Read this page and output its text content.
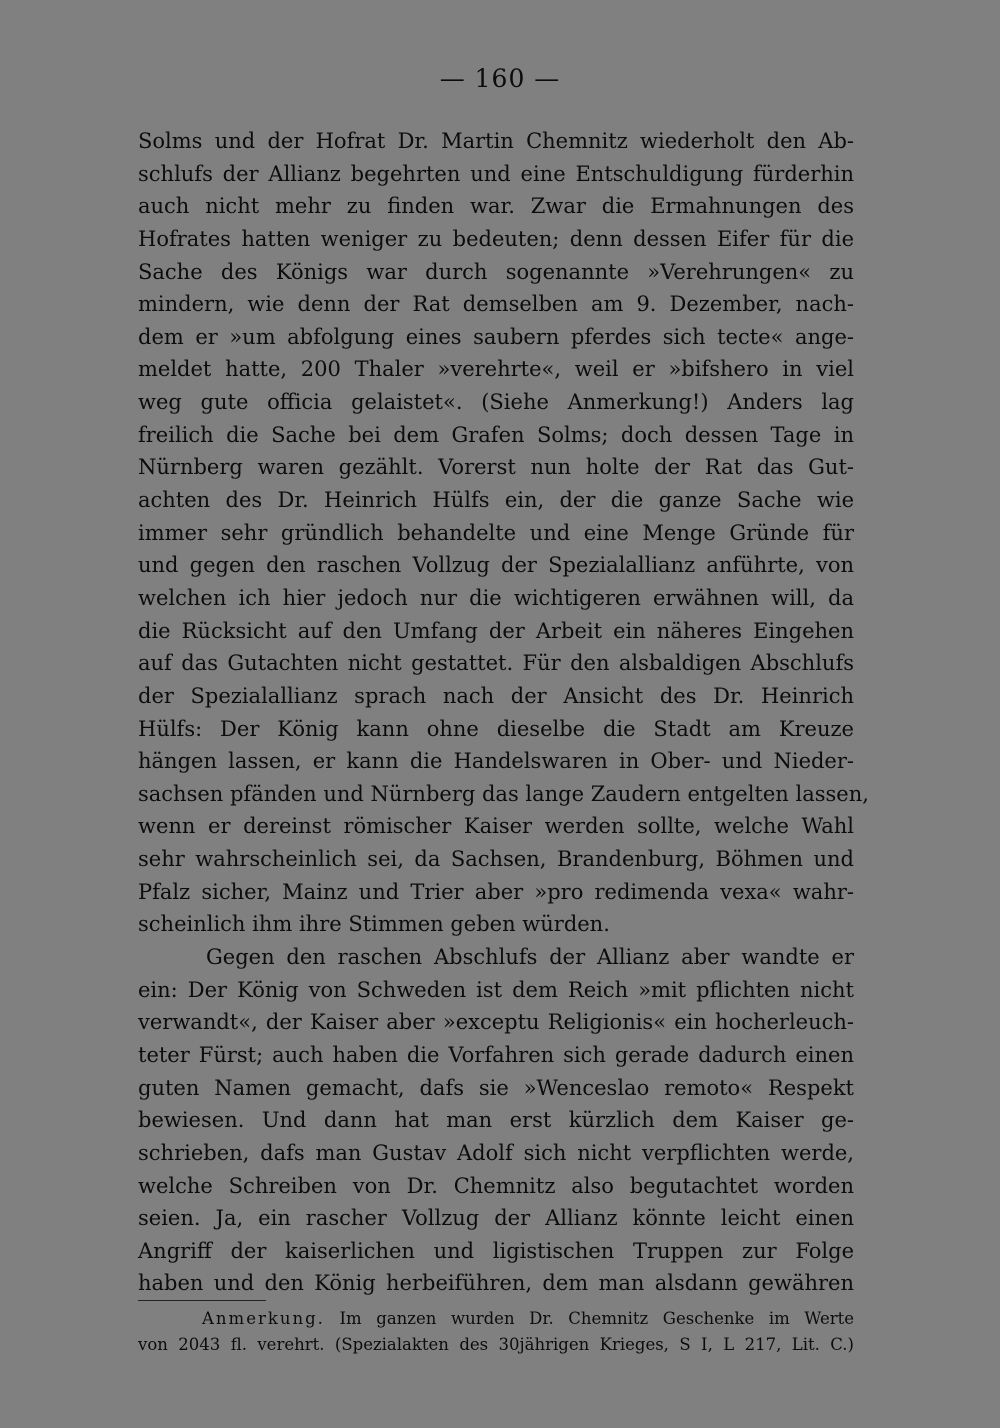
— 160 —
Solms und der Hofrat Dr. Martin Chemnitz wiederholt den Ab-
schlufs der Allianz begehrten und eine Entschuldigung fürderhin
auch nicht mehr zu finden war. Zwar die Ermahnungen des
Hofrates hatten weniger zu bedeuten; denn dessen Eifer für die
Sache des Königs war durch sogenannte »Verehrungen« zu
mindern, wie denn der Rat demselben am 9. Dezember, nach-
dem er »um abfolgung eines saubern pferdes sich tecte« ange-
meldet hatte, 200 Thaler »verehrte«, weil er »bifshero in viel
weg gute officia gelaistet«. (Siehe Anmerkung!) Anders lag
freilich die Sache bei dem Grafen Solms; doch dessen Tage in
Nürnberg waren gezählt. Vorerst nun holte der Rat das Gut-
achten des Dr. Heinrich Hülfs ein, der die ganze Sache wie
immer sehr gründlich behandelte und eine Menge Gründe für
und gegen den raschen Vollzug der Spezialallianz anführte, von
welchen ich hier jedoch nur die wichtigeren erwähnen will, da
die Rücksicht auf den Umfang der Arbeit ein näheres Eingehen
auf das Gutachten nicht gestattet. Für den alsbaldigen Abschlufs
der Spezialallianz sprach nach der Ansicht des Dr. Heinrich
Hülfs: Der König kann ohne dieselbe die Stadt am Kreuze
hängen lassen, er kann die Handelswaren in Ober- und Nieder-
sachsen pfänden und Nürnberg das lange Zaudern entgelten lassen,
wenn er dereinst römischer Kaiser werden sollte, welche Wahl
sehr wahrscheinlich sei, da Sachsen, Brandenburg, Böhmen und
Pfalz sicher, Mainz und Trier aber »pro redimenda vexa« wahr-
scheinlich ihm ihre Stimmen geben würden.
Gegen den raschen Abschlufs der Allianz aber wandte er
ein: Der König von Schweden ist dem Reich »mit pflichten nicht
verwandt«, der Kaiser aber »exceptu Religionis« ein hocherleuch-
teter Fürst; auch haben die Vorfahren sich gerade dadurch einen
guten Namen gemacht, dafs sie »Wenceslao remoto« Respekt
bewiesen. Und dann hat man erst kürzlich dem Kaiser ge-
schrieben, dafs man Gustav Adolf sich nicht verpflichten werde,
welche Schreiben von Dr. Chemnitz also begutachtet worden
seien. Ja, ein rascher Vollzug der Allianz könnte leicht einen
Angriff der kaiserlichen und ligistischen Truppen zur Folge
haben und den König herbeiführen, dem man alsdann gewähren
Anmerkung. Im ganzen wurden Dr. Chemnitz Geschenke im Werte
von 2043 fl. verehrt. (Spezialakten des 30jährigen Krieges, S I, L 217, Lit. C.)
